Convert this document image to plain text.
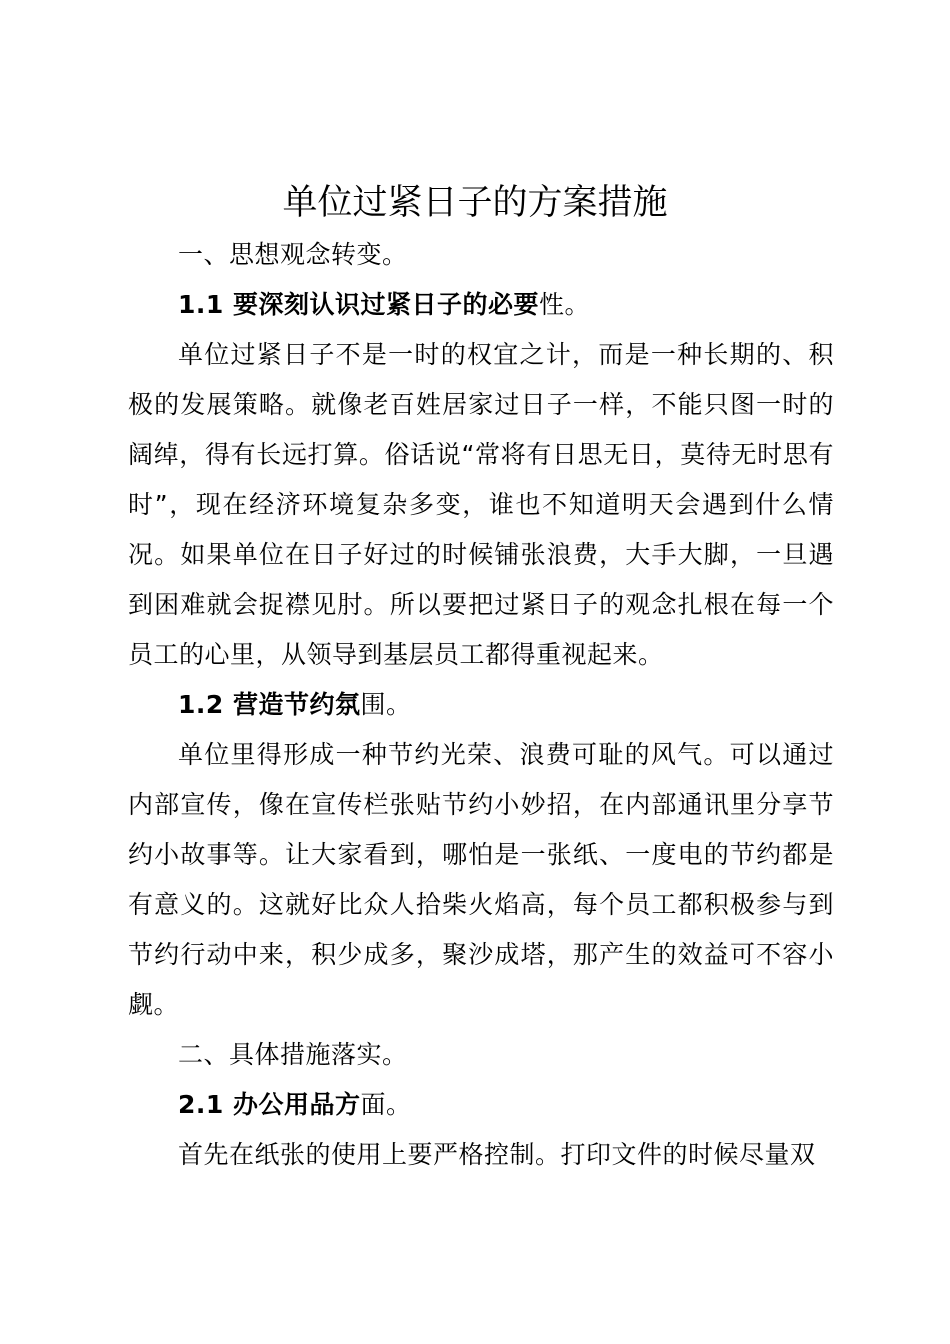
单位过紧日子的方案措施

一、思想观念转变。

1.1 要深刻认识过紧日子的必要性。

单位过紧日子不是一时的权宜之计，而是一种长期的、积极的发展策略。就像老百姓居家过日子一样，不能只图一时的阔绰，得有长远打算。俗话说“常将有日思无日，莫待无时思有时”，现在经济环境复杂多变，谁也不知道明天会遇到什么情况。如果单位在日子好过的时候铺张浪费，大手大脚，一旦遇到困难就会捉襟见肘。所以要把过紧日子的观念扎根在每一个员工的心里，从领导到基层员工都得重视起来。

1.2 营造节约氛围。

单位里得形成一种节约光荣、浪费可耻的风气。可以通过内部宣传，像在宣传栏张贴节约小妙招，在内部通讯里分享节约小故事等。让大家看到，哪怕是一张纸、一度电的节约都是有意义的。这就好比众人拾柴火焰高，每个员工都积极参与到节约行动中来，积少成多，聚沙成塔，那产生的效益可不容小觑。

二、具体措施落实。

2.1 办公用品方面。

首先在纸张的使用上要严格控制。打印文件的时候尽量双
